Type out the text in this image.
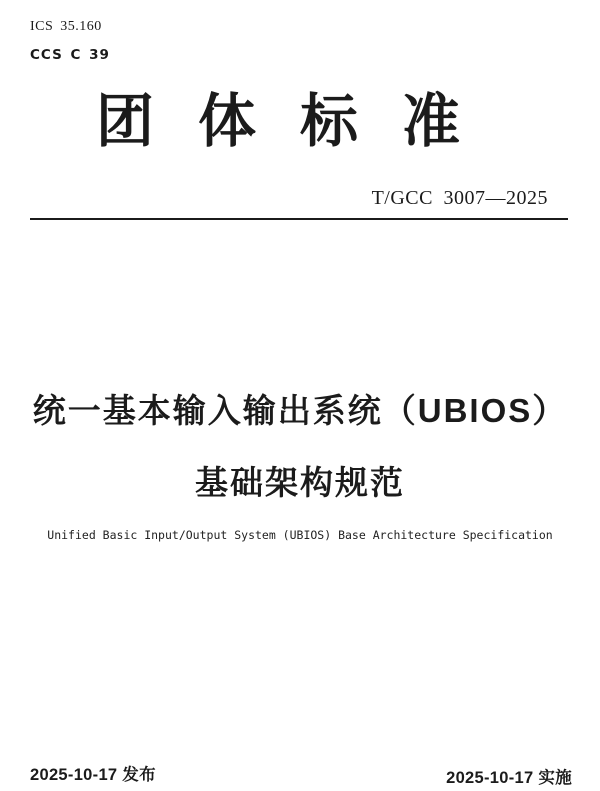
ICS 35.160
CCS C 39
团体标准
T/GCC 3007—2025
统一基本输入输出系统（UBIOS）
基础架构规范
Unified Basic Input/Output System (UBIOS) Base Architecture Specification
2025-10-17 发布	2025-10-17 实施
